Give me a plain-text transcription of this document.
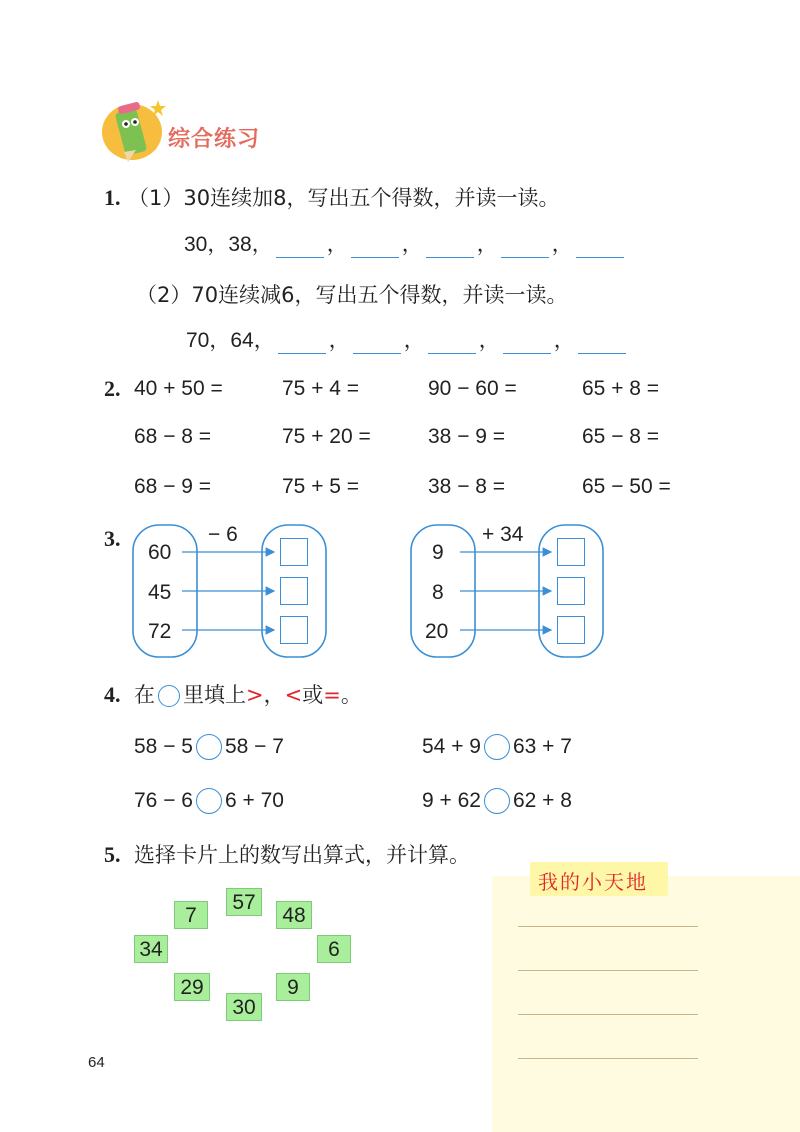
综合练习
1. （1）30连续加8，写出五个得数，并读一读。
30，38，	，	，	，	，
（2）70连续减6，写出五个得数，并读一读。
70，64，	，	，	，	，
2. 40 + 50 =	75 + 4 =	90 − 60 =	65 + 8 =
68 − 8 =	75 + 20 =	38 − 9 =	65 − 8 =
68 − 9 =	75 + 5 =	38 − 8 =	65 − 50 =
3.	− 6
60
45
72
+ 34
9
8
20
4. 在 里填上>，<或=。
58 − 5 58 − 7	54 + 9 63 + 7
76 − 6 6 + 70	9 + 62 62 + 8
5. 选择卡片上的数写出算式，并计算。
57
7	48
34	6
29	9
30
我的小天地
64
